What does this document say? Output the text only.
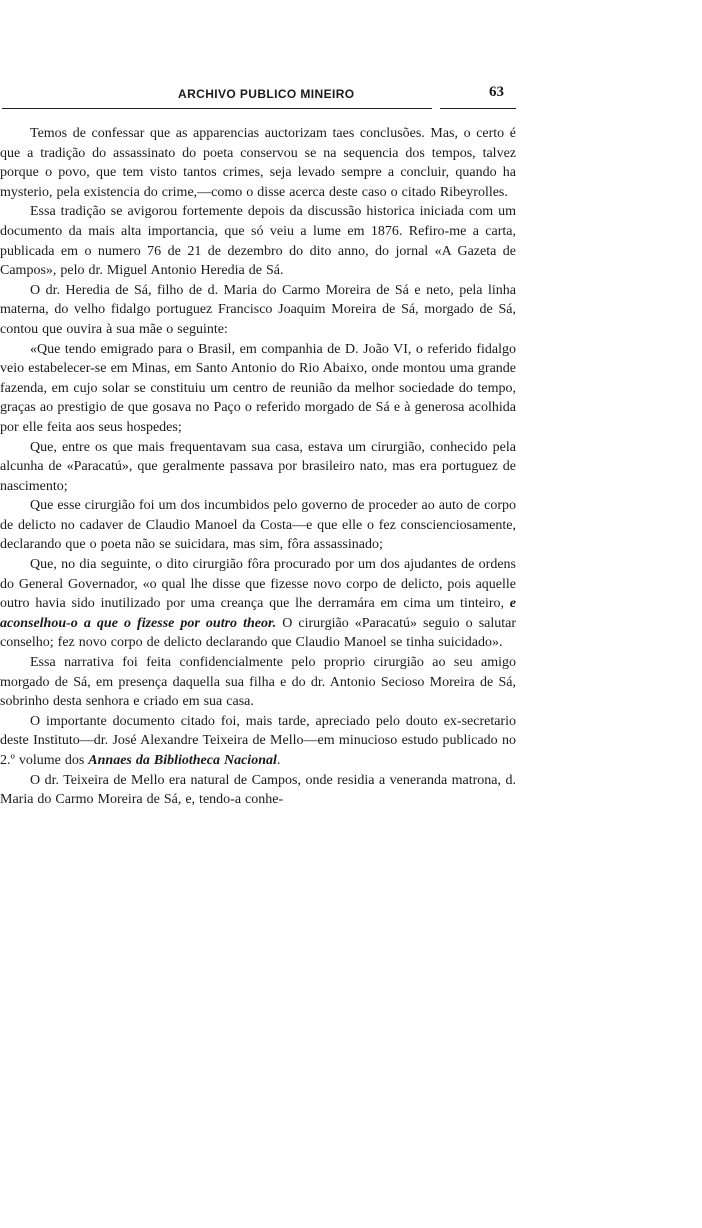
ARCHIVO PUBLICO MINEIRO	63

Temos de confessar que as apparencias auctorizam taes conclusões. Mas, o certo é que a tradição do assassinato do poeta conservou se na sequencia dos tempos, talvez porque o povo, que tem visto tantos crimes, seja levado sempre a concluir, quando ha mysterio, pela existencia do crime,—como o disse acerca deste caso o citado Ribeyrolles.

Essa tradição se avigorou fortemente depois da discussão historica iniciada com um documento da mais alta importancia, que só veiu a lume em 1876. Refiro-me a carta, publicada em o numero 76 de 21 de dezembro do dito anno, do jornal «A Gazeta de Campos», pelo dr. Miguel Antonio Heredia de Sá.

O dr. Heredia de Sá, filho de d. Maria do Carmo Moreira de Sá e neto, pela linha materna, do velho fidalgo portuguez Francisco Joaquim Moreira de Sá, morgado de Sá, contou que ouvira à sua mãe o seguinte:

«Que tendo emigrado para o Brasil, em companhia de D. João VI, o referido fidalgo veio estabelecer-se em Minas, em Santo Antonio do Rio Abaixo, onde montou uma grande fazenda, em cujo solar se constituiu um centro de reunião da melhor sociedade do tempo, graças ao prestigio de que gosava no Paço o referido morgado de Sá e à generosa acolhida por elle feita aos seus hospedes;

Que, entre os que mais frequentavam sua casa, estava um cirurgião, conhecido pela alcunha de «Paracatú», que geralmente passava por brasileiro nato, mas era portuguez de nascimento;

Que esse cirurgião foi um dos incumbidos pelo governo de proceder ao auto de corpo de delicto no cadaver de Claudio Manoel da Costa—e que elle o fez conscienciosamente, declarando que o poeta não se suicidara, mas sim, fôra assassinado;

Que, no dia seguinte, o dito cirurgião fôra procurado por um dos ajudantes de ordens do General Governador, «o qual lhe disse que fizesse novo corpo de delicto, pois aquelle outro havia sido inutilizado por uma creança que lhe derramára em cima um tinteiro, e aconselhou-o a que o fizesse por outro theor. O cirurgião «Paracatú» seguio o salutar conselho; fez novo corpo de delicto declarando que Claudio Manoel se tinha suicidado».

Essa narrativa foi feita confidencialmente pelo proprio cirurgião ao seu amigo morgado de Sá, em presença daquella sua filha e do dr. Antonio Secioso Moreira de Sá, sobrinho desta senhora e criado em sua casa.

O importante documento citado foi, mais tarde, apreciado pelo douto ex-secretario deste Instituto—dr. José Alexandre Teixeira de Mello—em minucioso estudo publicado no 2.º volume dos Annaes da Bibliotheca Nacional.

O dr. Teixeira de Mello era natural de Campos, onde residia a veneranda matrona, d. Maria do Carmo Moreira de Sá, e, tendo-a conhe-
